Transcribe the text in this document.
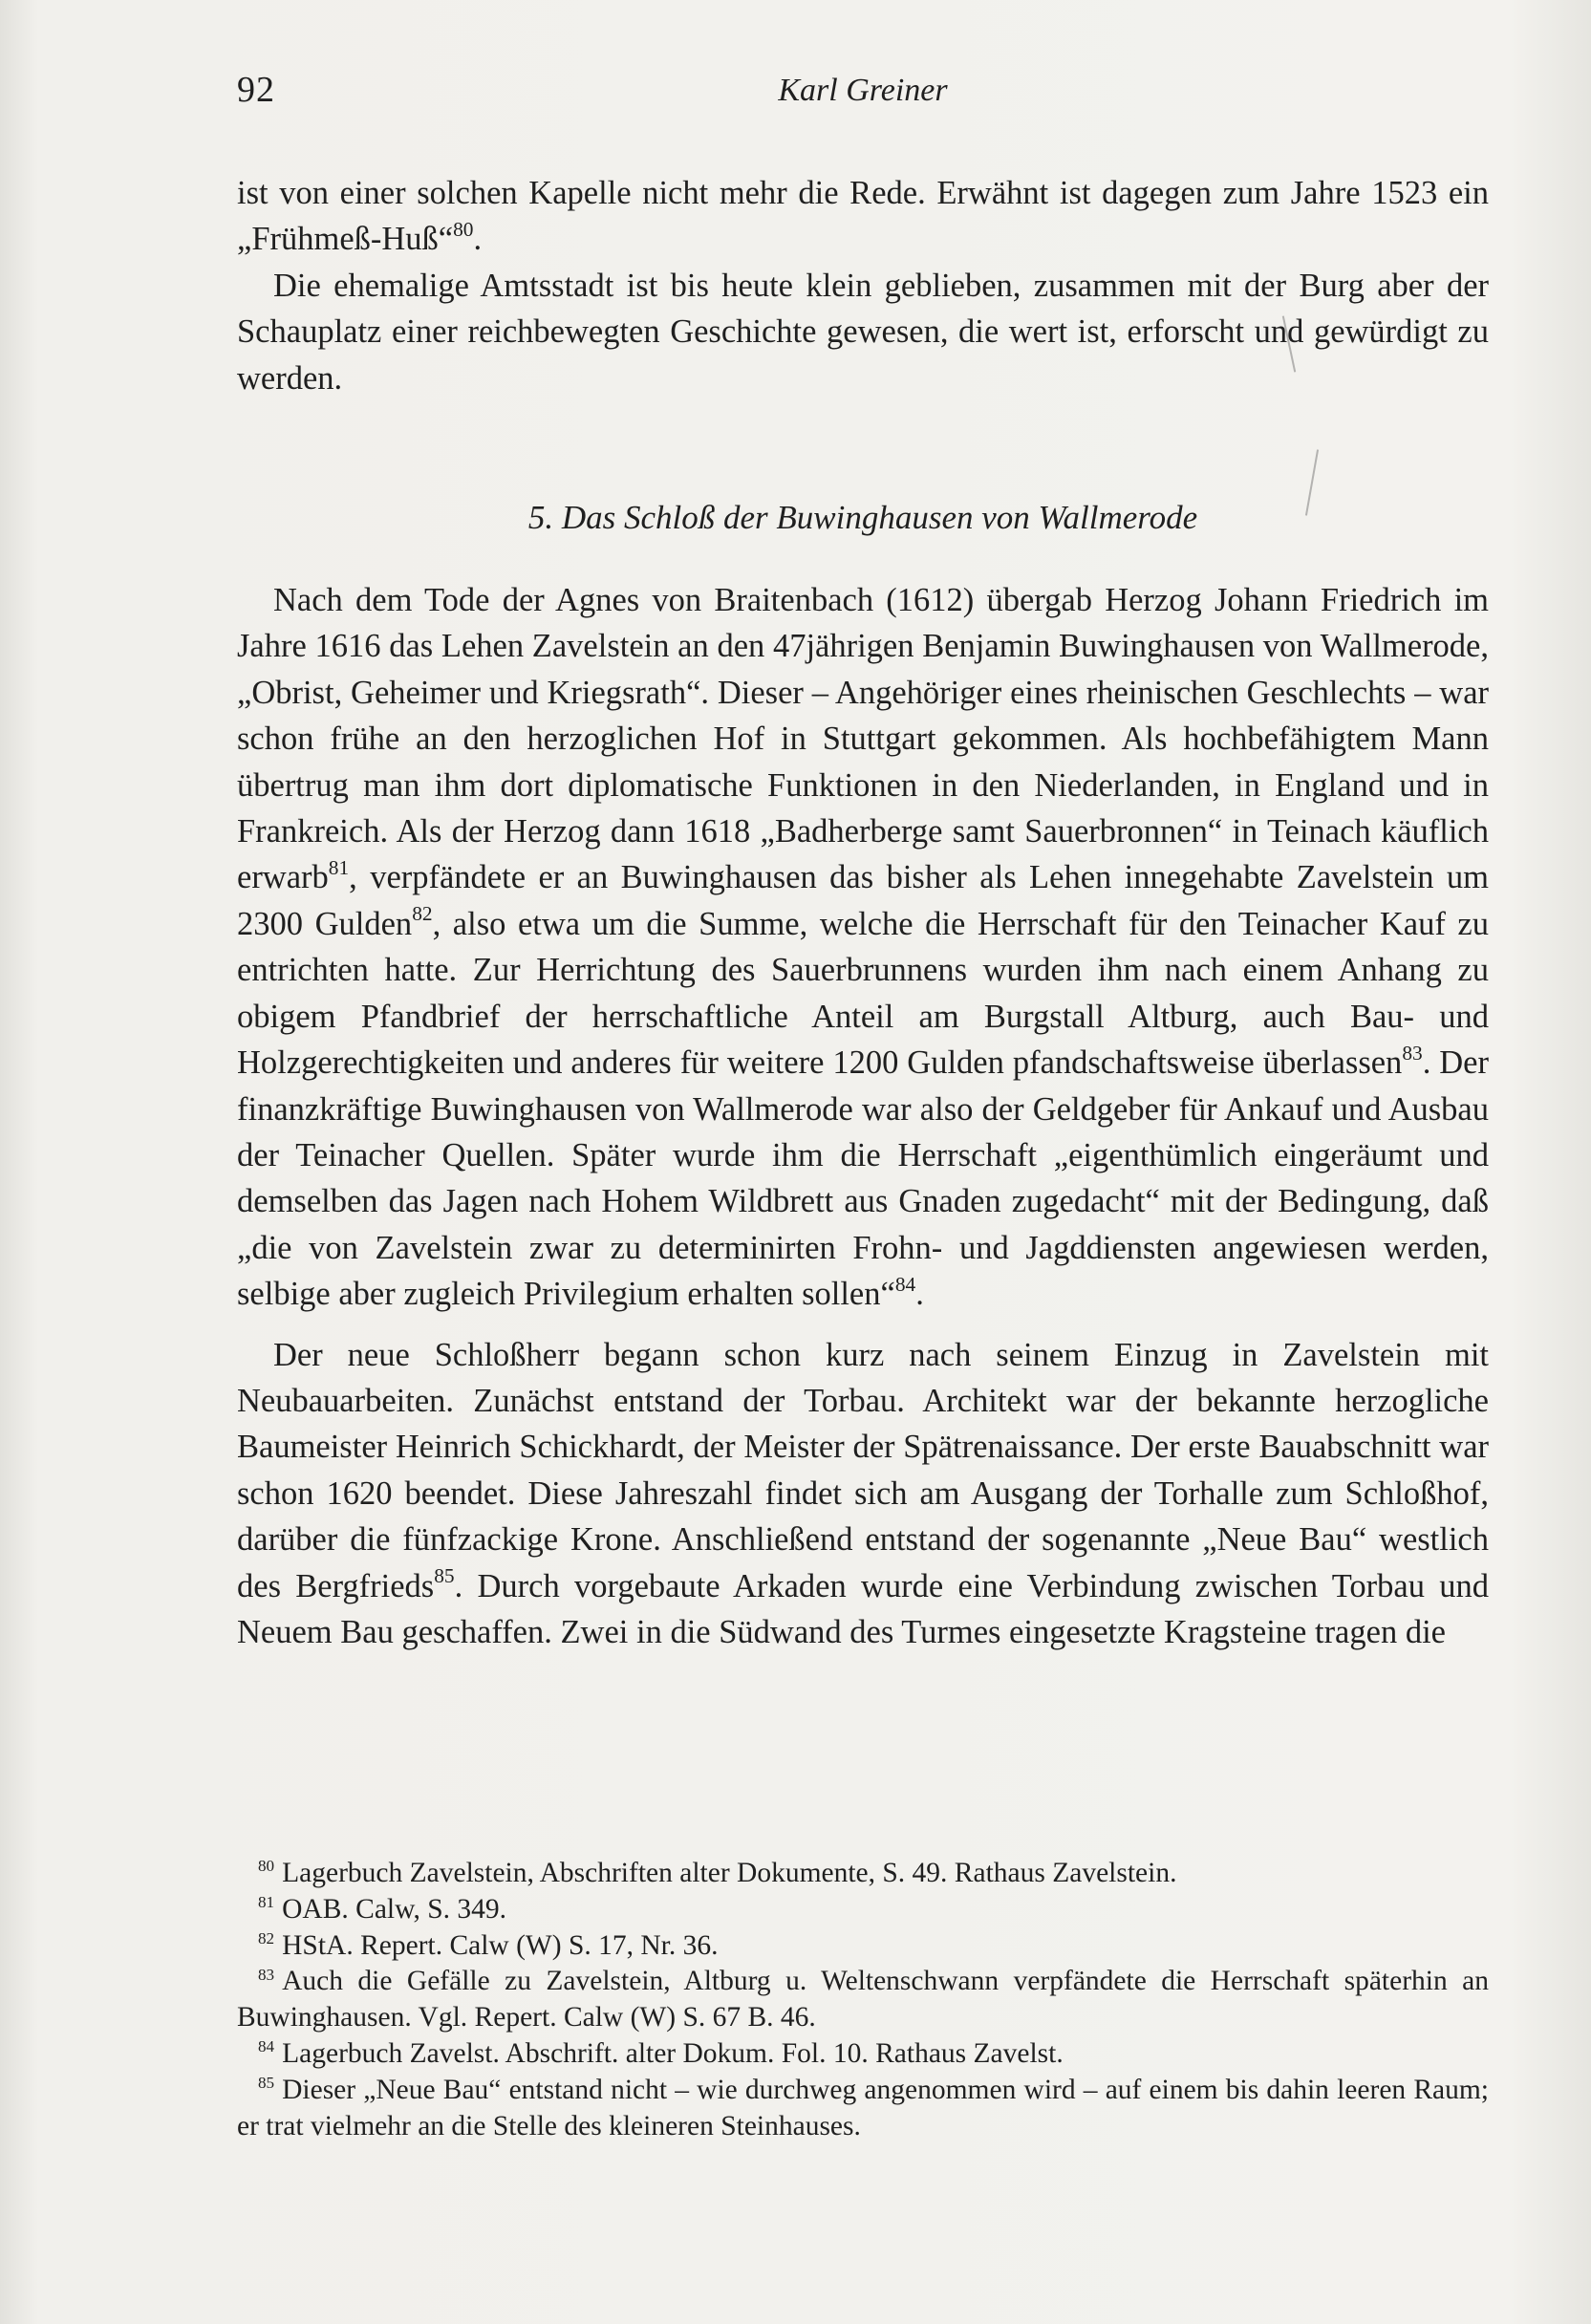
92	Karl Greiner

ist von einer solchen Kapelle nicht mehr die Rede. Erwähnt ist dagegen zum Jahre 1523 ein „Frühmeß-Huß“$^{80}$.

Die ehemalige Amtsstadt ist bis heute klein geblieben, zusammen mit der Burg aber der Schauplatz einer reichbewegten Geschichte gewesen, die wert ist, erforscht und gewürdigt zu werden.

5. Das Schloß der Buwinghausen von Wallmerode

Nach dem Tode der Agnes von Braitenbach (1612) übergab Herzog Johann Friedrich im Jahre 1616 das Lehen Zavelstein an den 47jährigen Benjamin Buwinghausen von Wallmerode, „Obrist, Geheimer und Kriegsrath“. Dieser – Angehöriger eines rheinischen Geschlechts – war schon frühe an den herzoglichen Hof in Stuttgart gekommen. Als hochbefähigtem Mann übertrug man ihm dort diplomatische Funktionen in den Niederlanden, in England und in Frankreich. Als der Herzog dann 1618 „Badherberge samt Sauerbronnen“ in Teinach käuflich erwarb$^{81}$, verpfändete er an Buwinghausen das bisher als Lehen innegehabte Zavelstein um 2300 Gulden$^{82}$, also etwa um die Summe, welche die Herrschaft für den Teinacher Kauf zu entrichten hatte. Zur Herrichtung des Sauerbrunnens wurden ihm nach einem Anhang zu obigem Pfandbrief der herrschaftliche Anteil am Burgstall Altburg, auch Bau- und Holzgerechtigkeiten und anderes für weitere 1200 Gulden pfandschaftsweise überlassen$^{83}$. Der finanzkräftige Buwinghausen von Wallmerode war also der Geldgeber für Ankauf und Ausbau der Teinacher Quellen. Später wurde ihm die Herrschaft „eigenthümlich eingeräumt und demselben das Jagen nach Hohem Wildbrett aus Gnaden zugedacht“ mit der Bedingung, daß „die von Zavelstein zwar zu determinirten Frohn- und Jagddiensten angewiesen werden, selbige aber zugleich Privilegium erhalten sollen“$^{84}$.

Der neue Schloßherr begann schon kurz nach seinem Einzug in Zavelstein mit Neubauarbeiten. Zunächst entstand der Torbau. Architekt war der bekannte herzogliche Baumeister Heinrich Schickhardt, der Meister der Spätrenaissance. Der erste Bauabschnitt war schon 1620 beendet. Diese Jahreszahl findet sich am Ausgang der Torhalle zum Schloßhof, darüber die fünfzackige Krone. Anschließend entstand der sogenannte „Neue Bau“ westlich des Bergfrieds$^{85}$. Durch vorgebaute Arkaden wurde eine Verbindung zwischen Torbau und Neuem Bau geschaffen. Zwei in die Südwand des Turmes eingesetzte Kragsteine tragen die

$^{80}$ Lagerbuch Zavelstein, Abschriften alter Dokumente, S. 49. Rathaus Zavelstein.

$^{81}$ OAB. Calw, S. 349.

$^{82}$ HStA. Repert. Calw (W) S. 17, Nr. 36.

$^{83}$ Auch die Gefälle zu Zavelstein, Altburg u. Weltenschwann verpfändete die Herrschaft späterhin an Buwinghausen. Vgl. Repert. Calw (W) S. 67 B. 46.

$^{84}$ Lagerbuch Zavelst. Abschrift. alter Dokum. Fol. 10. Rathaus Zavelst.

$^{85}$ Dieser „Neue Bau“ entstand nicht – wie durchweg angenommen wird – auf einem bis dahin leeren Raum; er trat vielmehr an die Stelle des kleineren Steinhauses.
